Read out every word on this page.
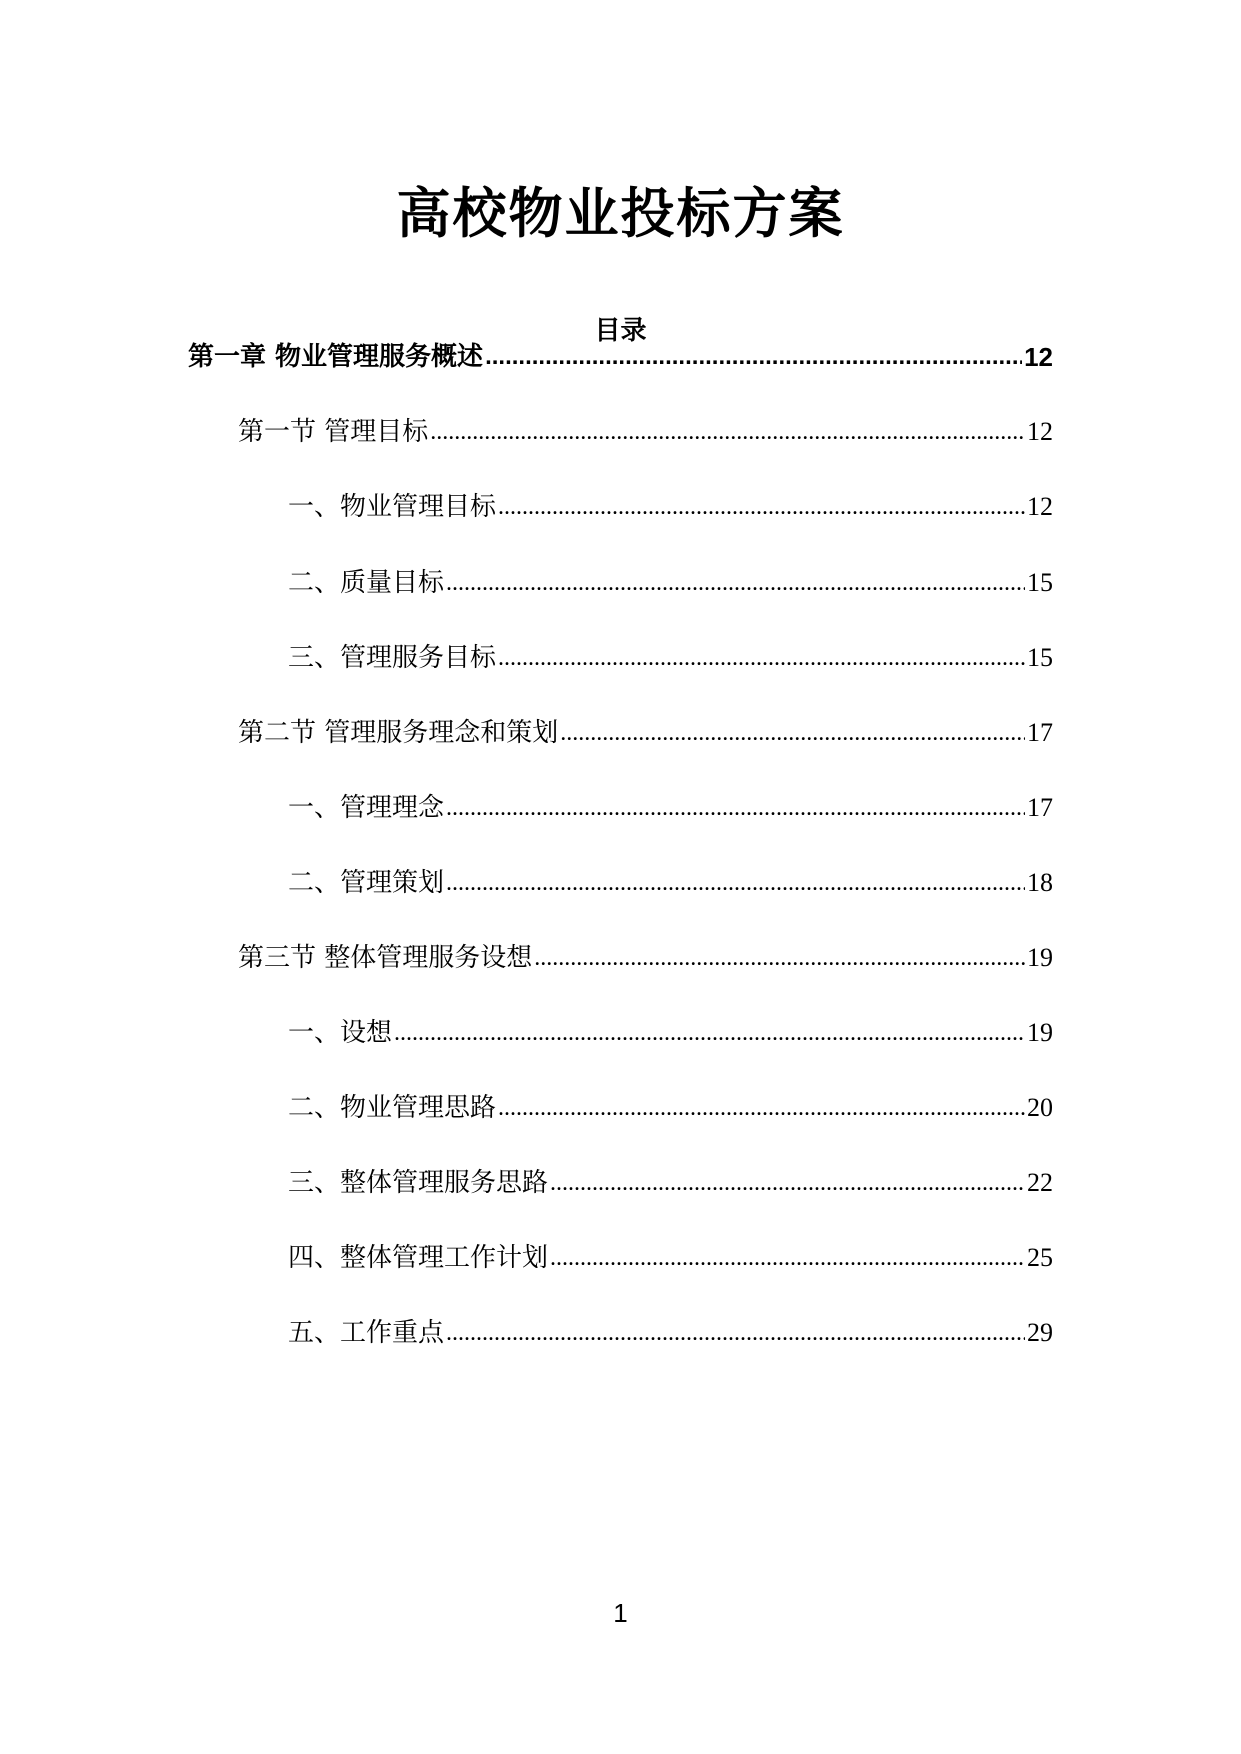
高校物业投标方案
目录
第一章 物业管理服务概述 .....	12
第一节 管理目标 .....	12
一、物业管理目标 .....	12
二、质量目标 .....	15
三、管理服务目标 .....	15
第二节 管理服务理念和策划 .....	17
一、管理理念 .....	17
二、管理策划 .....	18
第三节 整体管理服务设想 .....	19
一、设想 .....	19
二、物业管理思路 .....	20
三、整体管理服务思路 .....	22
四、整体管理工作计划 .....	25
五、工作重点 .....	29
1
